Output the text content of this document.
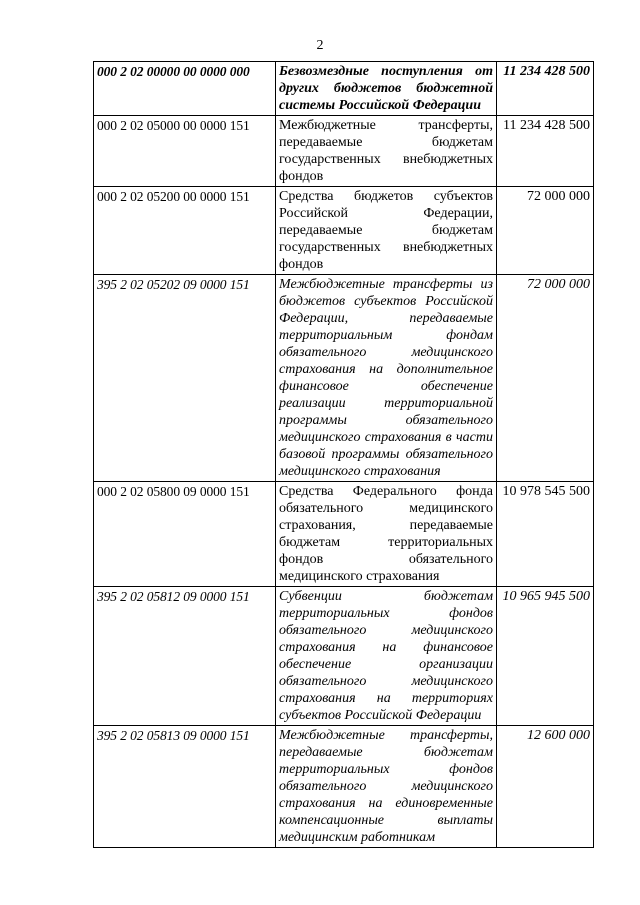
2
000 2 02 00000 00 0000 000	Безвозмездные поступления от других бюджетов бюджетной системы Российской Федерации	11 234 428 500
000 2 02 05000 00 0000 151	Межбюджетные трансферты, передаваемые бюджетам государственных внебюджетных фондов	11 234 428 500
000 2 02 05200 00 0000 151	Средства бюджетов субъектов Российской Федерации, передаваемые бюджетам государственных внебюджетных фондов	72 000 000
395 2 02 05202 09 0000 151	Межбюджетные трансферты из бюджетов субъектов Российской Федерации, передаваемые территориальным фондам обязательного медицинского страхования на дополнительное финансовое обеспечение реализации территориальной программы обязательного медицинского страхования в части базовой программы обязательного медицинского страхования	72 000 000
000 2 02 05800 09 0000 151	Средства Федерального фонда обязательного медицинского страхования, передаваемые бюджетам территориальных фондов обязательного медицинского страхования	10 978 545 500
395 2 02 05812 09 0000 151	Субвенции бюджетам территориальных фондов обязательного медицинского страхования на финансовое обеспечение организации обязательного медицинского страхования на территориях субъектов Российской Федерации	10 965 945 500
395 2 02 05813 09 0000 151	Межбюджетные трансферты, передаваемые бюджетам территориальных фондов обязательного медицинского страхования на единовременные компенсационные выплаты медицинским работникам	12 600 000
